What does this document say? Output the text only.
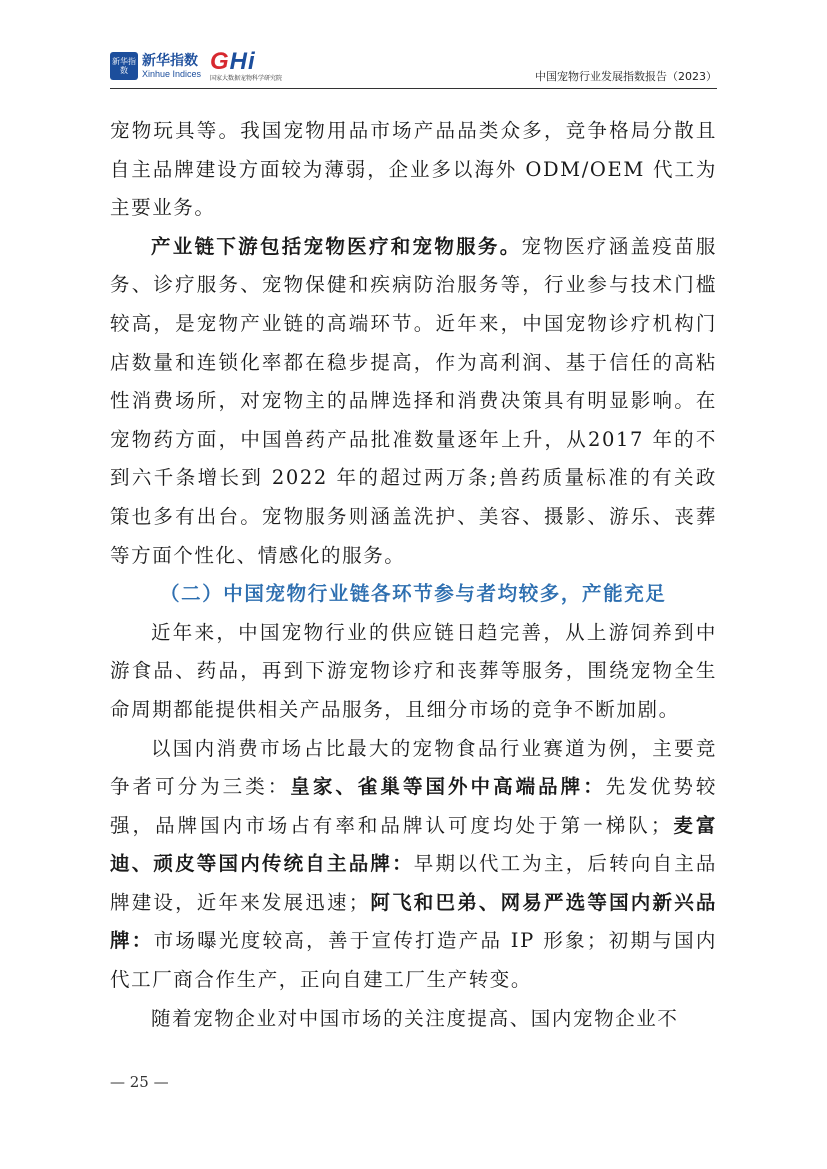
新华指数
新华指数
Xinhue Indices GHi
国家大数据宠物科学研究院	中国宠物行业发展指数报告（2023）

宠物玩具等。我国宠物用品市场产品品类众多，竞争格局分散且自主品牌建设方面较为薄弱，企业多以海外 ODM/OEM 代工为主要业务。

产业链下游包括宠物医疗和宠物服务。宠物医疗涵盖疫苗服务、诊疗服务、宠物保健和疾病防治服务等，行业参与技术门槛较高，是宠物产业链的高端环节。近年来，中国宠物诊疗机构门店数量和连锁化率都在稳步提高，作为高利润、基于信任的高粘性消费场所，对宠物主的品牌选择和消费决策具有明显影响。在宠物药方面，中国兽药产品批准数量逐年上升，从2017 年的不到六千条增长到 2022 年的超过两万条;兽药质量标准的有关政策也多有出台。宠物服务则涵盖洗护、美容、摄影、游乐、丧葬等方面个性化、情感化的服务。

（二）中国宠物行业链各环节参与者均较多，产能充足

近年来，中国宠物行业的供应链日趋完善，从上游饲养到中游食品、药品，再到下游宠物诊疗和丧葬等服务，围绕宠物全生命周期都能提供相关产品服务，且细分市场的竞争不断加剧。

以国内消费市场占比最大的宠物食品行业赛道为例，主要竞争者可分为三类：皇家、雀巢等国外中高端品牌：先发优势较强，品牌国内市场占有率和品牌认可度均处于第一梯队；麦富迪、顽皮等国内传统自主品牌：早期以代工为主，后转向自主品牌建设，近年来发展迅速；阿飞和巴弟、网易严选等国内新兴品牌：市场曝光度较高，善于宣传打造产品 IP 形象；初期与国内代工厂商合作生产，正向自建工厂生产转变。

随着宠物企业对中国市场的关注度提高、国内宠物企业不

— 25 —
